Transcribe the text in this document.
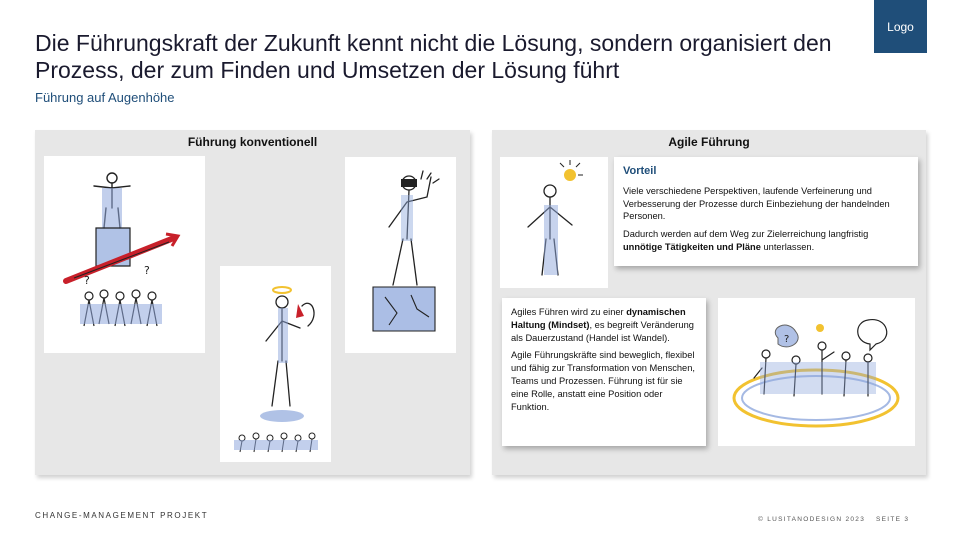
Logo
Die Führungskraft der Zukunft kennt nicht die Lösung, sondern organisiert den Prozess, der zum Finden und Umsetzen der Lösung führt
Führung auf Augenhöhe
Führung konventionell
?
?
Agile Führung
Vorteil

Viele verschiedene Perspektiven, laufende Verfeinerung und Verbesserung der Prozesse durch Einbeziehung der handelnden Personen.

Dadurch werden auf dem Weg zur Zielerreichung langfristig unnötige Tätigkeiten und Pläne unterlassen.

Agiles Führen wird zu einer dynamischen Haltung (Mindset), es begreift Veränderung als Dauerzustand (Handel ist Wandel).

Agile Führungskräfte sind beweglich, flexibel und fähig zur Transformation von Menschen, Teams und Prozessen. Führung ist für sie eine Rolle, anstatt eine Position oder Funktion.

?
CHANGE-MANAGEMENT PROJEKT	© LUSITANODESIGN 2023 SEITE 3
